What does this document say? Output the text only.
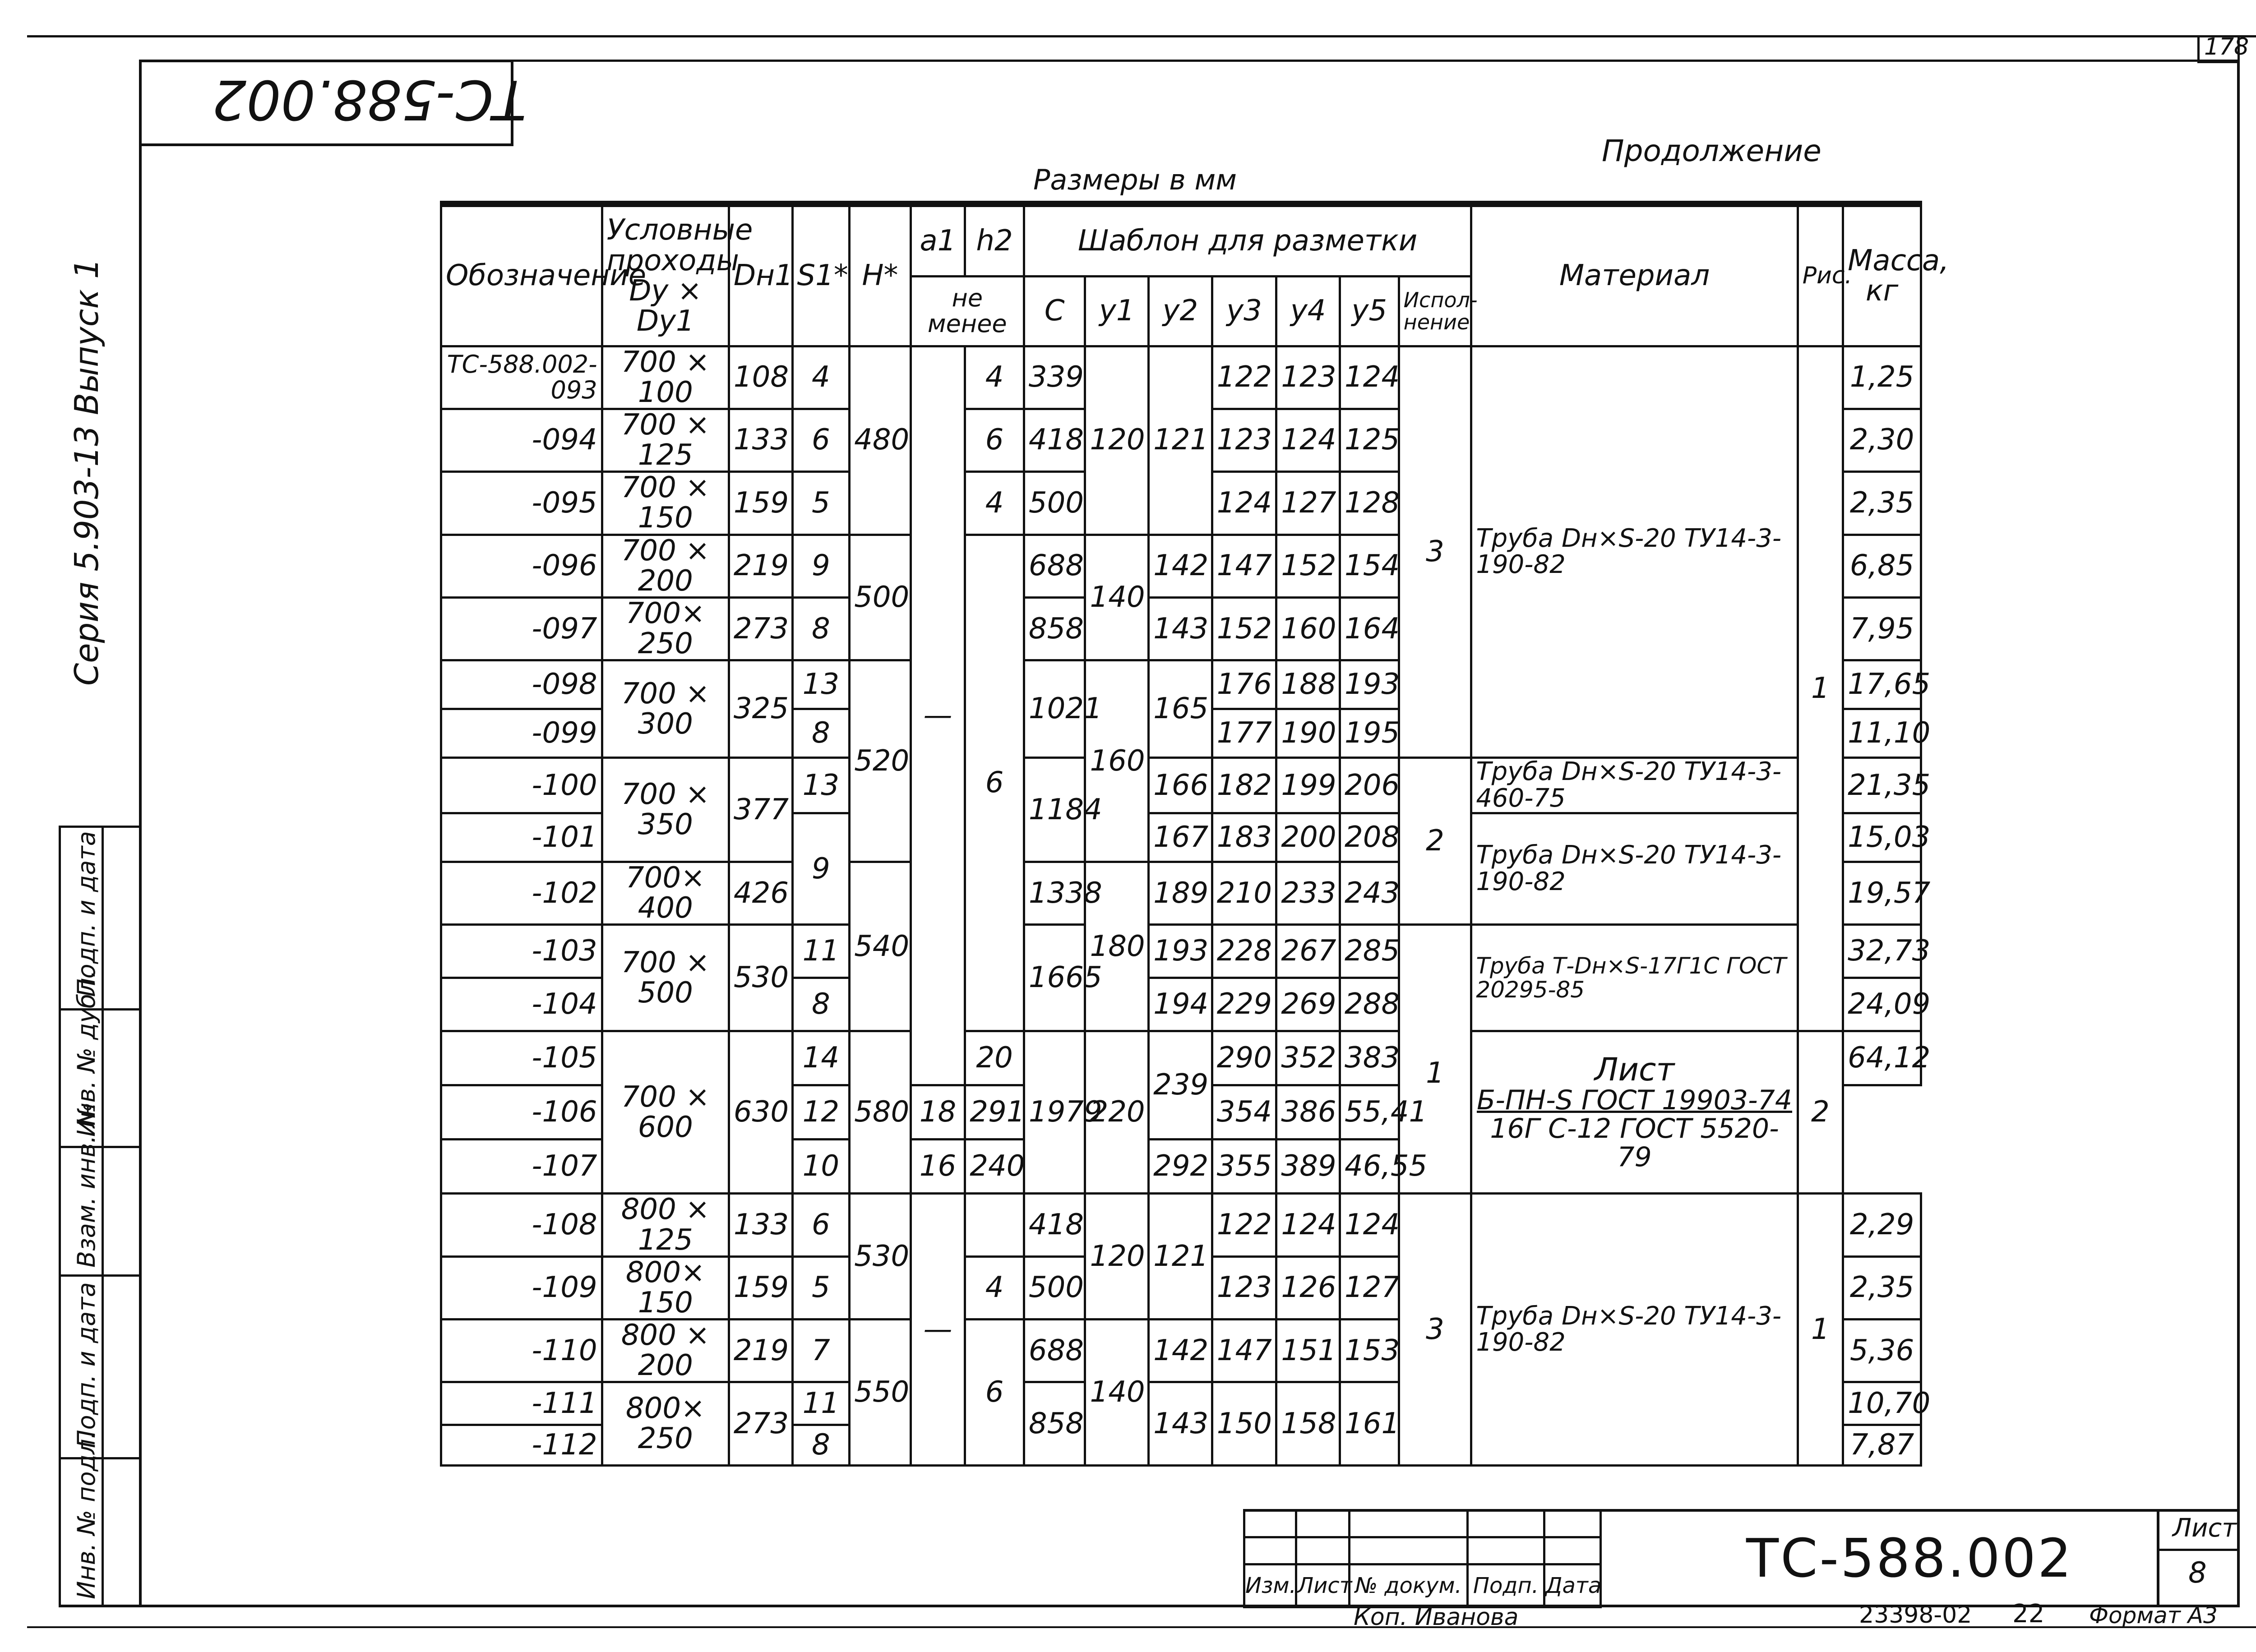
178
ТС-588.002
Серия 5.903-13 Выпуск 1
Подп. и дата
Инв. № дубл.
Взам. инв. №
Подп. и дата
Инв. № подл.
Продолжение
Размеры в мм
Обозначение	Условные
проходы
Dy × Dy1	Dн1	S1*	H*	a1	h2	Шаблон для разметки							Материал	Рис.	Масса, кг
					не менее		C	y1	y2	y3	y4	y5	Испол-нение			
ТС-588.002-093	700 × 100	108	4	480	—	4	339	120	121	122	123	124	3	Труба Dн×S-20 ТУ14-3-190-82	1	1,25
-094	700 × 125	133	6			6	418			123	124	125				2,30
-095	700 × 150	159	5			4	500			124	127	128				2,35
-096	700 × 200	219	9	500		6	688	140	142	147	152	154				6,85
-097	700× 250	273	8				858		143	152	160	164				7,95
-098	700 × 300	325	13	520			1021	160	165	176	188	193				17,65
-099			8							177	190	195				11,10
-100	700 × 350	377	13				1184		166	182	199	206	2	Труба Dн×S-20 ТУ14-3-460-75		21,35
-101			9						167	183	200	208		Труба Dн×S-20 ТУ14-3-190-82		15,03
-102	700× 400	426		540			1338	180	189	210	233	243				19,57
-103	700 × 500	530	11				1665		193	228	267	285	1	Труба Т-Dн×S-17Г1С ГОСТ 20295-85		32,73
-104			8						194	229	269	288				24,09
-105	700 × 600	630	14	580		20	1979	220	239	290	352	383		Лист
Б-ПН-S ГОСТ 19903-74
16Г С-12 ГОСТ 5520-79	2	64,12
-106			12		18	291				354	386	55,41				
-107			10		16	240			292	355	389	46,55				
-108	800 × 125	133	6	530	—		418	120	121	122	124	124	3	Труба Dн×S-20 ТУ14-3-190-82	1	2,29
-109	800× 150	159	5			4	500			123	126	127				2,35
-110	800 × 200	219	7	550		6	688	140	142	147	151	153				5,36
-111	800× 250	273	11				858		143	150	158	161				10,70
-112			8													7,87

Изм.	Лист	№ докум.	Подп.	Дата	ТС-588.002	Лист
8
Коп. Иванова	23398-02 22 Формат А3
